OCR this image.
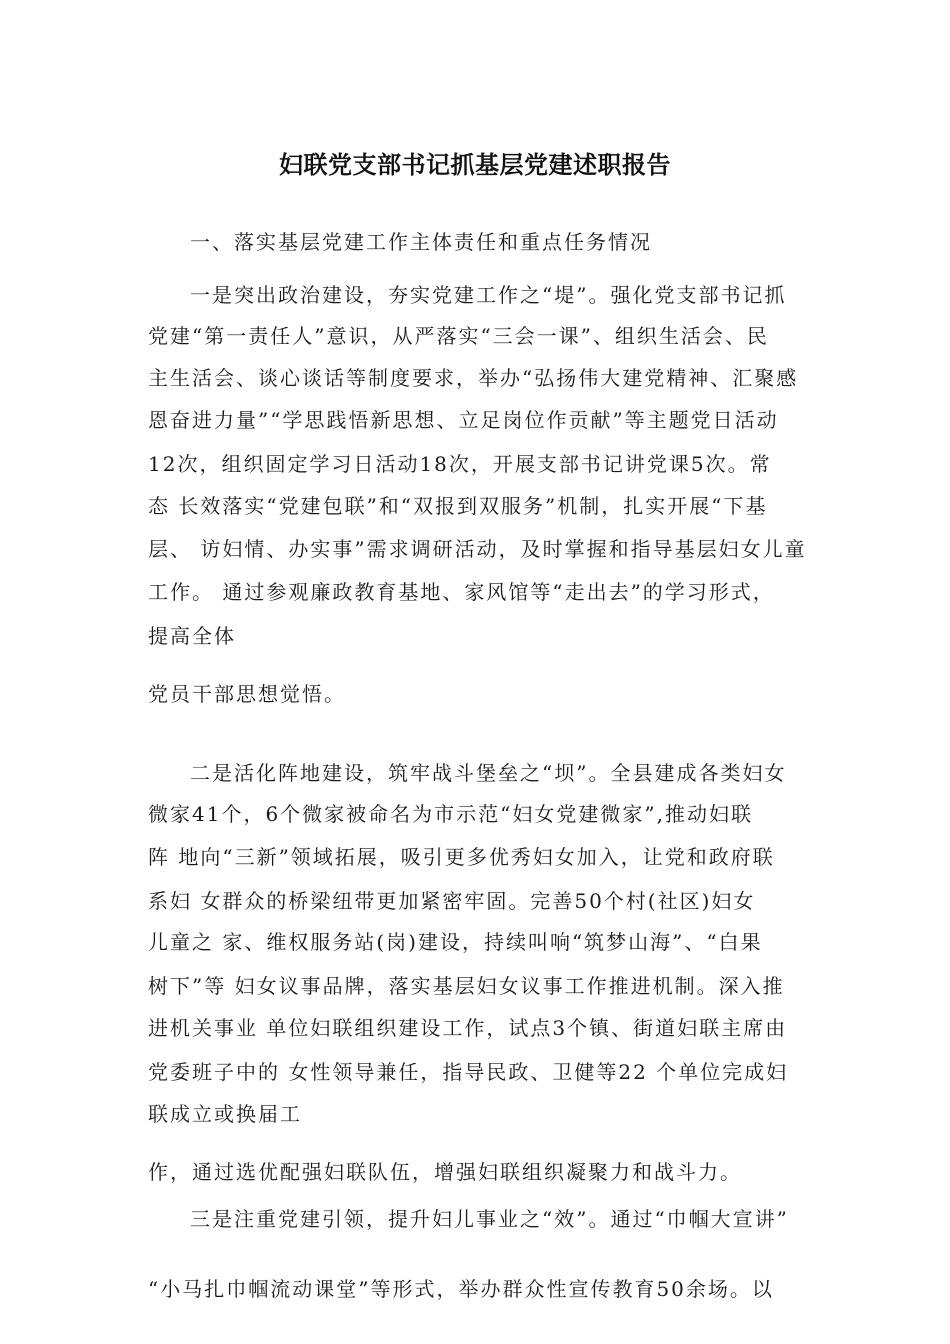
妇联党支部书记抓基层党建述职报告
一、落实基层党建工作主体责任和重点任务情况
一是突出政治建设，夯实党建工作之“堤”。强化党支部书记抓
党建“第一责任人”意识，从严落实“三会一课”、组织生活会、民
主生活会、谈心谈话等制度要求，举办“弘扬伟大建党精神、汇聚感
恩奋进力量”“学思践悟新思想、立足岗位作贡献”等主题党日活动
12次，组织固定学习日活动18次，开展支部书记讲党课5次。常
态 长效落实“党建包联”和“双报到双服务”机制，扎实开展“下基
层、 访妇情、办实事”需求调研活动，及时掌握和指导基层妇女儿童
工作。 通过参观廉政教育基地、家风馆等“走出去”的学习形式，
提高全体
党员干部思想觉悟。
二是活化阵地建设，筑牢战斗堡垒之“坝”。全县建成各类妇女
微家41个，6个微家被命名为市示范“妇女党建微家”,推动妇联
阵 地向“三新”领域拓展，吸引更多优秀妇女加入，让党和政府联
系妇 女群众的桥梁纽带更加紧密牢固。完善50个村(社区)妇女
儿童之 家、维权服务站(岗)建设，持续叫响“筑梦山海”、“白果
树下”等 妇女议事品牌，落实基层妇女议事工作推进机制。深入推
进机关事业 单位妇联组织建设工作，试点3个镇、街道妇联主席由
党委班子中的 女性领导兼任，指导民政、卫健等22 个单位完成妇
联成立或换届工
作，通过选优配强妇联队伍，增强妇联组织凝聚力和战斗力。
三是注重党建引领，提升妇儿事业之“效”。通过“巾帼大宣讲”
“小马扎巾帼流动课堂”等形式，举办群众性宣传教育50余场。以
